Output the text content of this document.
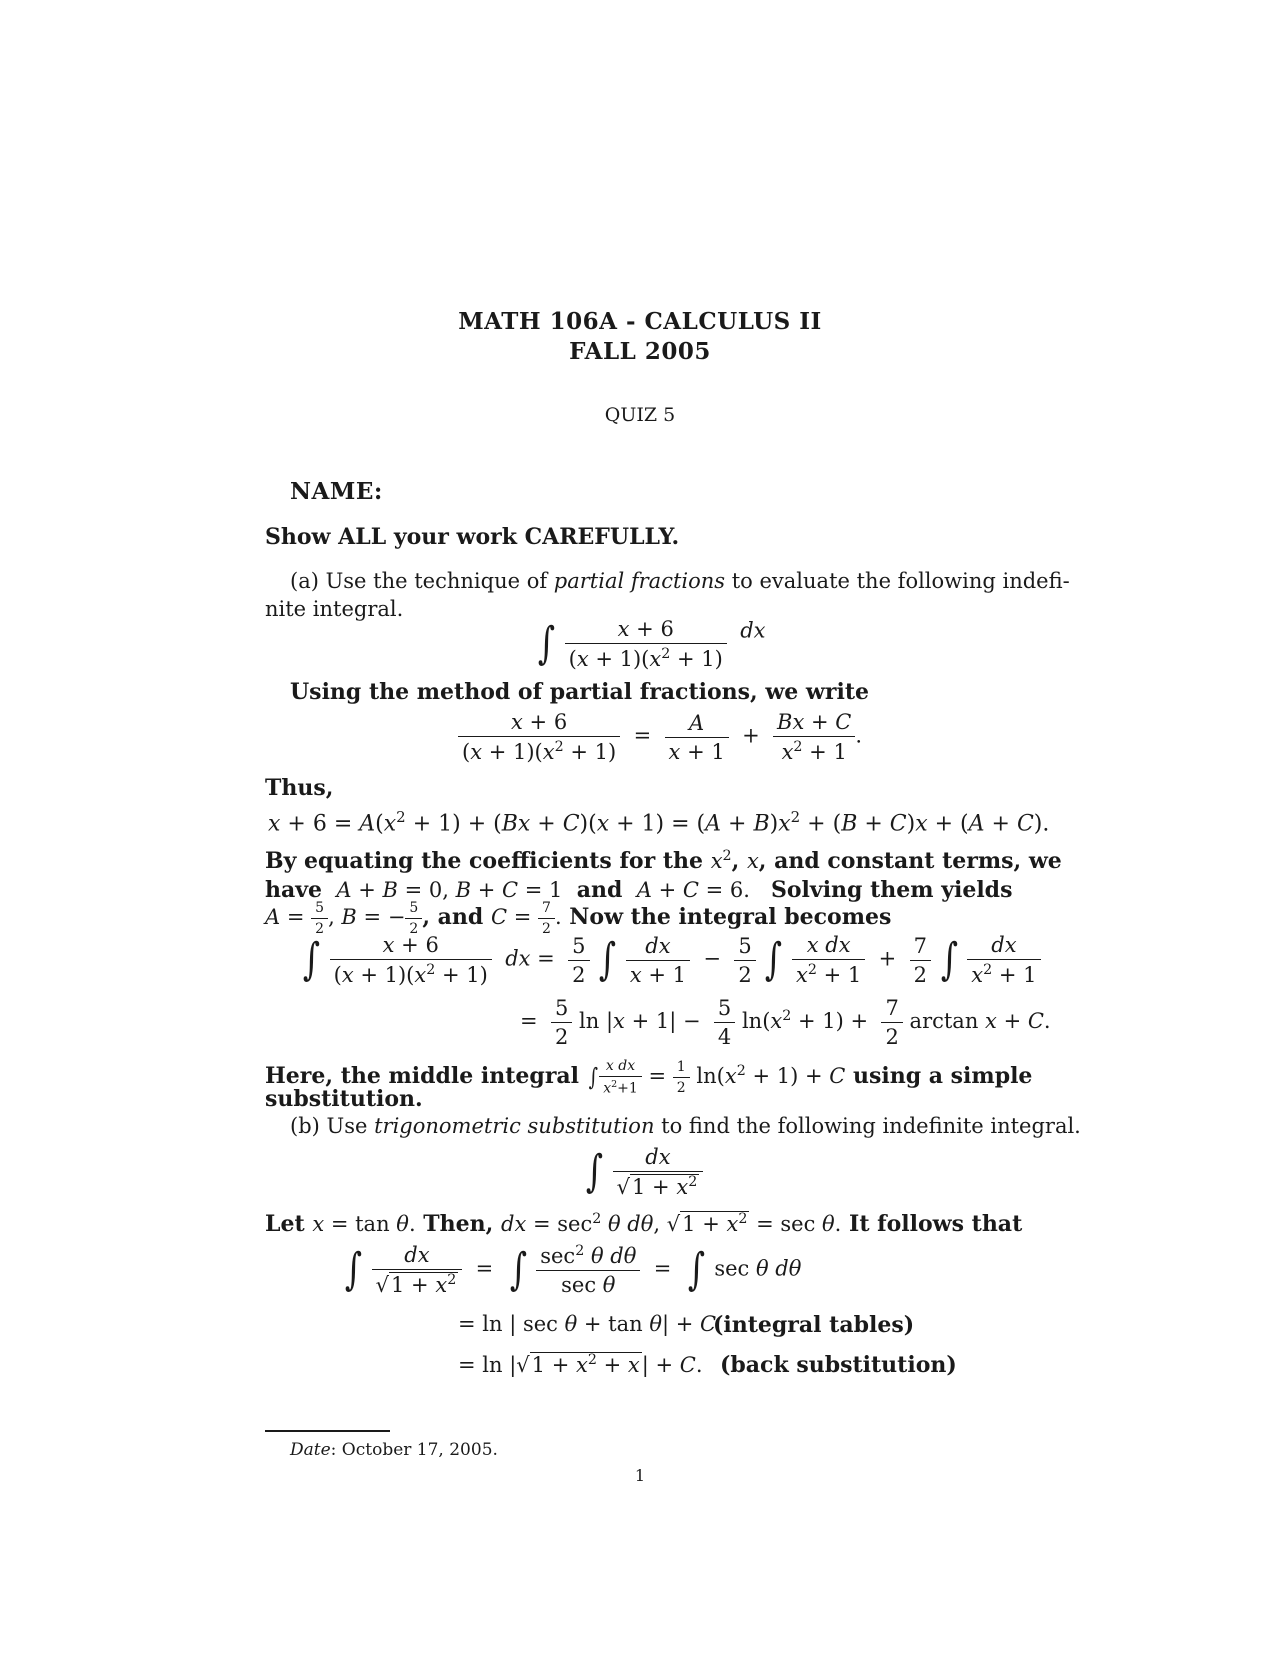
MATH 106A - CALCULUS II
FALL 2005
QUIZ 5
NAME:
Show ALL your work CAREFULLY.
(a) Use the technique of partial fractions to evaluate the following indefi-
nite integral.
∫ $\frac{x + 6}{(x + 1)(x^2 + 1)}$ dx
Using the method of partial fractions, we write
$\frac{x + 6}{(x + 1)(x^2 + 1)} = \frac{A}{x + 1} + \frac{Bx + C}{x^2 + 1}$ .
Thus,
$x + 6 = A(x^2 + 1) + (Bx + C)(x + 1) = (A + B)x^2 + (B + C)x + (A + C)$.
By equating the coefficients for the $x^2$, x, and constant terms, we
have  A + B = 0, B + C = 1 and  A + C = 6. Solving them yields
$A = \frac{5}{2}$ , B = − $\frac{5}{2}$ , and $C = \frac{7}{2}$ . Now the integral becomes
∫ $\frac{x + 6}{(x + 1)(x^2 + 1)}$ dx = $\frac{5}{2}$ ∫ $\frac{dx}{x + 1} - \frac{5}{2}$ ∫ $\frac{\text{x dx}}{x^2 + 1} + \frac{7}{2}$ ∫ $\frac{dx}{x^2 + 1}$
= $\frac{5}{2}$ $\ln |x + 1| - \frac{5}{4} \ln(x^2 + 1) + \frac{7}{2}$ arctan x + C.
Here, the middle integral ∫ $\frac{\text{x dx}}{x^2+1} = \frac{1}{2} \ln(x^2 + 1) + C$ using a simple
substitution.
(b) Use trigonometric substitution to find the following indefinite integral.
∫ $\frac{dx}{√1 + x^2}$
Let x = tan θ. Then, dx = $\sec^2 \theta$ dθ, $√1 + x^2 = \sec \theta$. It follows that
∫ $\frac{dx}{√1 + x^2}$ =  ∫ $\frac{\sec^2 \theta d\theta}{\text{sec θ}}$ =  ∫ sec θ dθ
= ln | sec θ + tan θ| + C
(integral tables)
= $\ln |√1 + x^2 + x| + C$. (back substitution)
Date: October 17, 2005.
1
